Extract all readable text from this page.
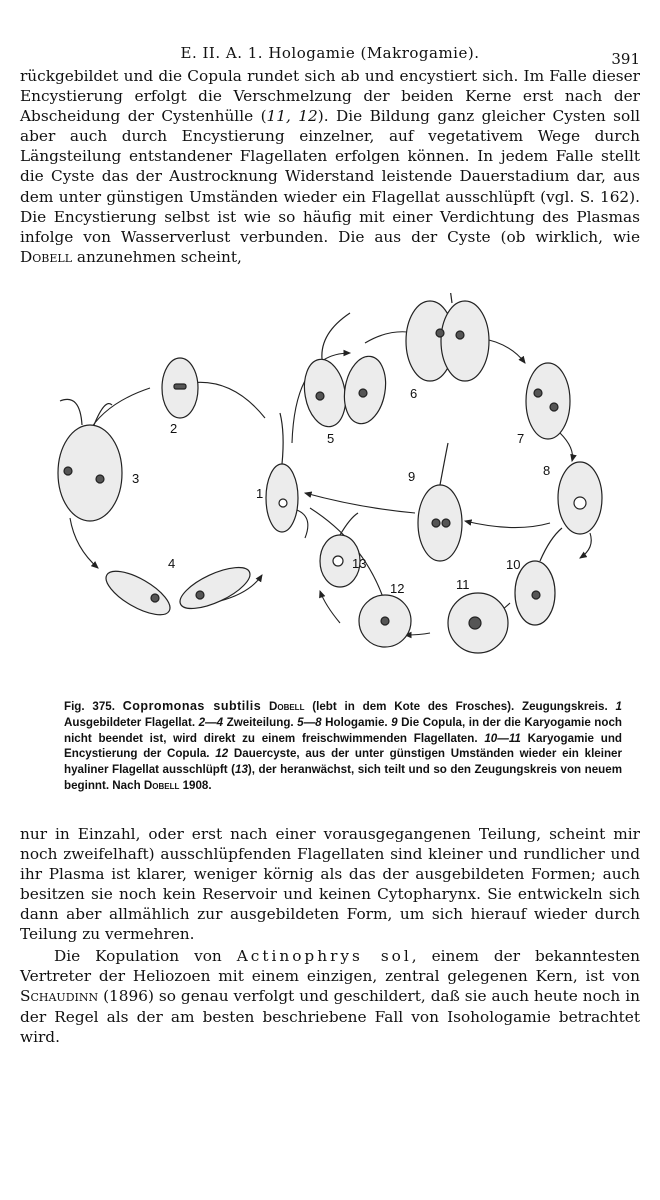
E. II. A. 1. Hologamie (Makrogamie).	391

rückgebildet und die Copula rundet sich ab und encystiert sich. Im Falle dieser Encystierung erfolgt die Verschmelzung der beiden Kerne erst nach der Abscheidung der Cystenhülle (11, 12). Die Bildung ganz gleicher Cysten soll aber auch durch Encystierung einzelner, auf vegetativem Wege durch Längsteilung entstandener Flagellaten erfolgen können. In jedem Falle stellt die Cyste das der Austrocknung Widerstand leistende Dauerstadium dar, aus dem unter günstigen Umständen wieder ein Flagellat ausschlüpft (vgl. S. 162). Die Encystierung selbst ist wie so häufig mit einer Verdichtung des Plasmas infolge von Wasserverlust verbunden. Die aus der Cyste (ob wirklich, wie Dobell anzunehmen scheint,

1
2
3
4
5
6
7
8
9
10
11
12
13

Fig. 375. Copromonas subtilis Dobell (lebt in dem Kote des Frosches). Zeugungskreis. 1 Ausgebildeter Flagellat. 2—4 Zweiteilung. 5—8 Hologamie. 9 Die Copula, in der die Karyogamie noch nicht beendet ist, wird direkt zu einem freischwimmenden Flagellaten. 10—11 Karyogamie und Encystierung der Copula. 12 Dauercyste, aus der unter günstigen Umständen wieder ein kleiner hyaliner Flagellat ausschlüpft (13), der heranwächst, sich teilt und so den Zeugungskreis von neuem beginnt. Nach Dobell 1908.

nur in Einzahl, oder erst nach einer vorausgegangenen Teilung, scheint mir noch zweifelhaft) ausschlüpfenden Flagellaten sind kleiner und rundlicher und ihr Plasma ist klarer, weniger körnig als das der ausgebildeten Formen; auch besitzen sie noch kein Reservoir und keinen Cytopharynx. Sie entwickeln sich dann aber allmählich zur ausgebildeten Form, um sich hierauf wieder durch Teilung zu vermehren.

Die Kopulation von Actinophrys sol, einem der bekanntesten Vertreter der Heliozoen mit einem einzigen, zentral gelegenen Kern, ist von Schaudinn (1896) so genau verfolgt und geschildert, daß sie auch heute noch in der Regel als der am besten beschriebene Fall von Isohologamie betrachtet wird.
